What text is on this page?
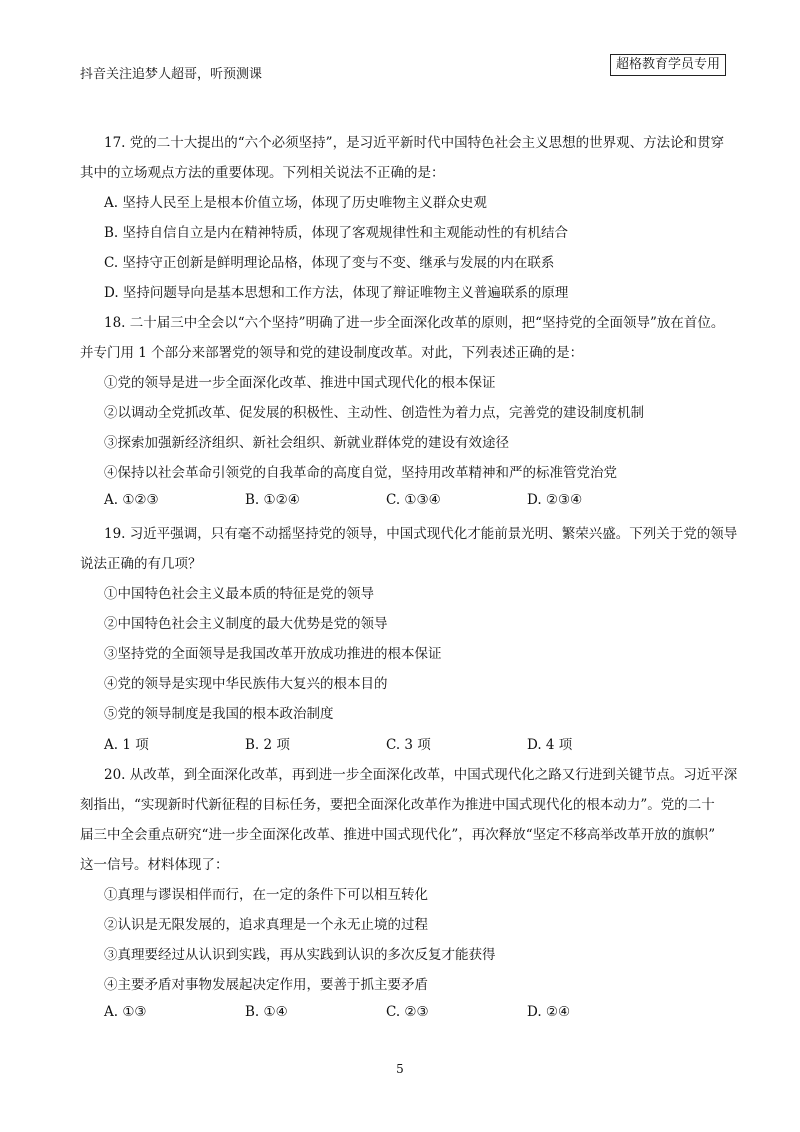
抖音关注追梦人超哥，听预测课
超格教育学员专用
17. 党的二十大提出的“六个必须坚持”，是习近平新时代中国特色社会主义思想的世界观、方法论和贯穿
其中的立场观点方法的重要体现。下列相关说法不正确的是：
A. 坚持人民至上是根本价值立场，体现了历史唯物主义群众史观
B. 坚持自信自立是内在精神特质，体现了客观规律性和主观能动性的有机结合
C. 坚持守正创新是鲜明理论品格，体现了变与不变、继承与发展的内在联系
D. 坚持问题导向是基本思想和工作方法，体现了辩证唯物主义普遍联系的原理
18. 二十届三中全会以“六个坚持”明确了进一步全面深化改革的原则，把“坚持党的全面领导”放在首位。
并专门用 1 个部分来部署党的领导和党的建设制度改革。对此，下列表述正确的是：
①党的领导是进一步全面深化改革、推进中国式现代化的根本保证
②以调动全党抓改革、促发展的积极性、主动性、创造性为着力点，完善党的建设制度机制
③探索加强新经济组织、新社会组织、新就业群体党的建设有效途径
④保持以社会革命引领党的自我革命的高度自觉，坚持用改革精神和严的标准管党治党
A. ①②③	B. ①②④	C. ①③④	D. ②③④
19. 习近平强调，只有毫不动摇坚持党的领导，中国式现代化才能前景光明、繁荣兴盛。下列关于党的领导
说法正确的有几项？
①中国特色社会主义最本质的特征是党的领导
②中国特色社会主义制度的最大优势是党的领导
③坚持党的全面领导是我国改革开放成功推进的根本保证
④党的领导是实现中华民族伟大复兴的根本目的
⑤党的领导制度是我国的根本政治制度
A. 1 项	B. 2 项	C. 3 项	D. 4 项
20. 从改革，到全面深化改革，再到进一步全面深化改革，中国式现代化之路又行进到关键节点。习近平深
刻指出，“实现新时代新征程的目标任务，要把全面深化改革作为推进中国式现代化的根本动力”。党的二十
届三中全会重点研究“进一步全面深化改革、推进中国式现代化”，再次释放“坚定不移高举改革开放的旗帜”
这一信号。材料体现了：
①真理与谬误相伴而行，在一定的条件下可以相互转化
②认识是无限发展的，追求真理是一个永无止境的过程
③真理要经过从认识到实践，再从实践到认识的多次反复才能获得
④主要矛盾对事物发展起决定作用，要善于抓主要矛盾
A. ①③	B. ①④	C. ②③	D. ②④
5
